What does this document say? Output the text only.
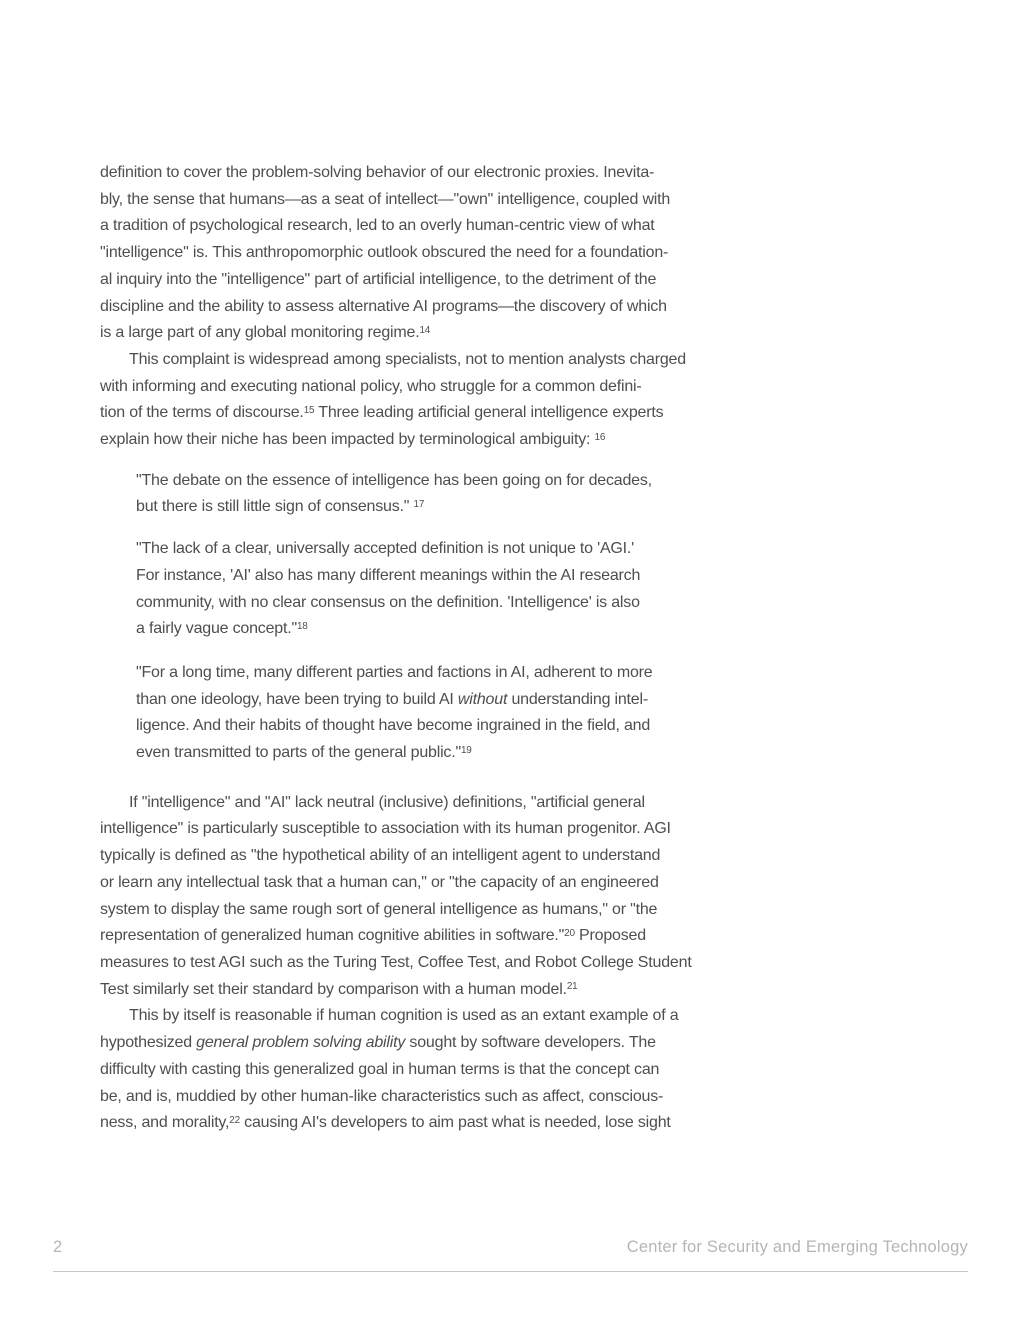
definition to cover the problem-solving behavior of our electronic proxies. Inevita-
bly, the sense that humans—as a seat of intellect—"own" intelligence, coupled with
a tradition of psychological research, led to an overly human-centric view of what
"intelligence" is. This anthropomorphic outlook obscured the need for a foundation-
al inquiry into the "intelligence" part of artificial intelligence, to the detriment of the
discipline and the ability to assess alternative AI programs—the discovery of which
is a large part of any global monitoring regime.$^{14}$

This complaint is widespread among specialists, not to mention analysts charged
with informing and executing national policy, who struggle for a common defini-
tion of the terms of discourse.$^{15}$ Three leading artificial general intelligence experts
explain how their niche has been impacted by terminological ambiguity: $^{16}$

"The debate on the essence of intelligence has been going on for decades,
but there is still little sign of consensus." $^{17}$
"The lack of a clear, universally accepted definition is not unique to 'AGI.'
For instance, 'AI' also has many different meanings within the AI research
community, with no clear consensus on the definition. 'Intelligence' is also
a fairly vague concept."$^{18}$
"For a long time, many different parties and factions in AI, adherent to more
than one ideology, have been trying to build AI without understanding intel-
ligence. And their habits of thought have become ingrained in the field, and
even transmitted to parts of the general public."$^{19}$

If "intelligence" and "AI" lack neutral (inclusive) definitions, "artificial general
intelligence" is particularly susceptible to association with its human progenitor. AGI
typically is defined as "the hypothetical ability of an intelligent agent to understand
or learn any intellectual task that a human can," or "the capacity of an engineered
system to display the same rough sort of general intelligence as humans," or "the
representation of generalized human cognitive abilities in software."$^{20}$ Proposed
measures to test AGI such as the Turing Test, Coffee Test, and Robot College Student
Test similarly set their standard by comparison with a human model.$^{21}$

This by itself is reasonable if human cognition is used as an extant example of a
hypothesized general problem solving ability sought by software developers. The
difficulty with casting this generalized goal in human terms is that the concept can
be, and is, muddied by other human-like characteristics such as affect, conscious-
ness, and morality,$^{22}$ causing AI's developers to aim past what is needed, lose sight

2	Center for Security and Emerging Technology
